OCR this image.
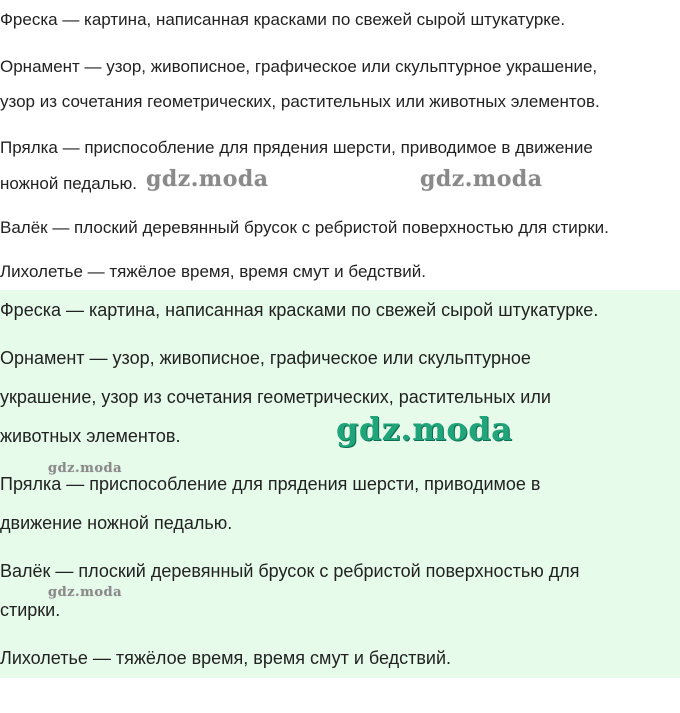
Фреска — картина, написанная красками по свежей сырой штукатурке.
Орнамент — узор, живописное, графическое или скульптурное украшение,
узор из сочетания геометрических, растительных или животных элементов.
Прялка — приспособление для прядения шерсти, приводимое в движение
ножной педалью.
Валёк — плоский деревянный брусок с ребристой поверхностью для стирки.
Лихолетье — тяжёлое время, время смут и бедствий.
Фреска — картина, написанная красками по свежей сырой штукатурке.
Орнамент — узор, живописное, графическое или скульптурное
украшение, узор из сочетания геометрических, растительных или
животных элементов.
Прялка — приспособление для прядения шерсти, приводимое в
движение ножной педалью.
Валёк — плоский деревянный брусок с ребристой поверхностью для
стирки.
Лихолетье — тяжёлое время, время смут и бедствий.
gdz.moda	gdz.moda
gdz.moda
gdz.moda
gdz.moda
